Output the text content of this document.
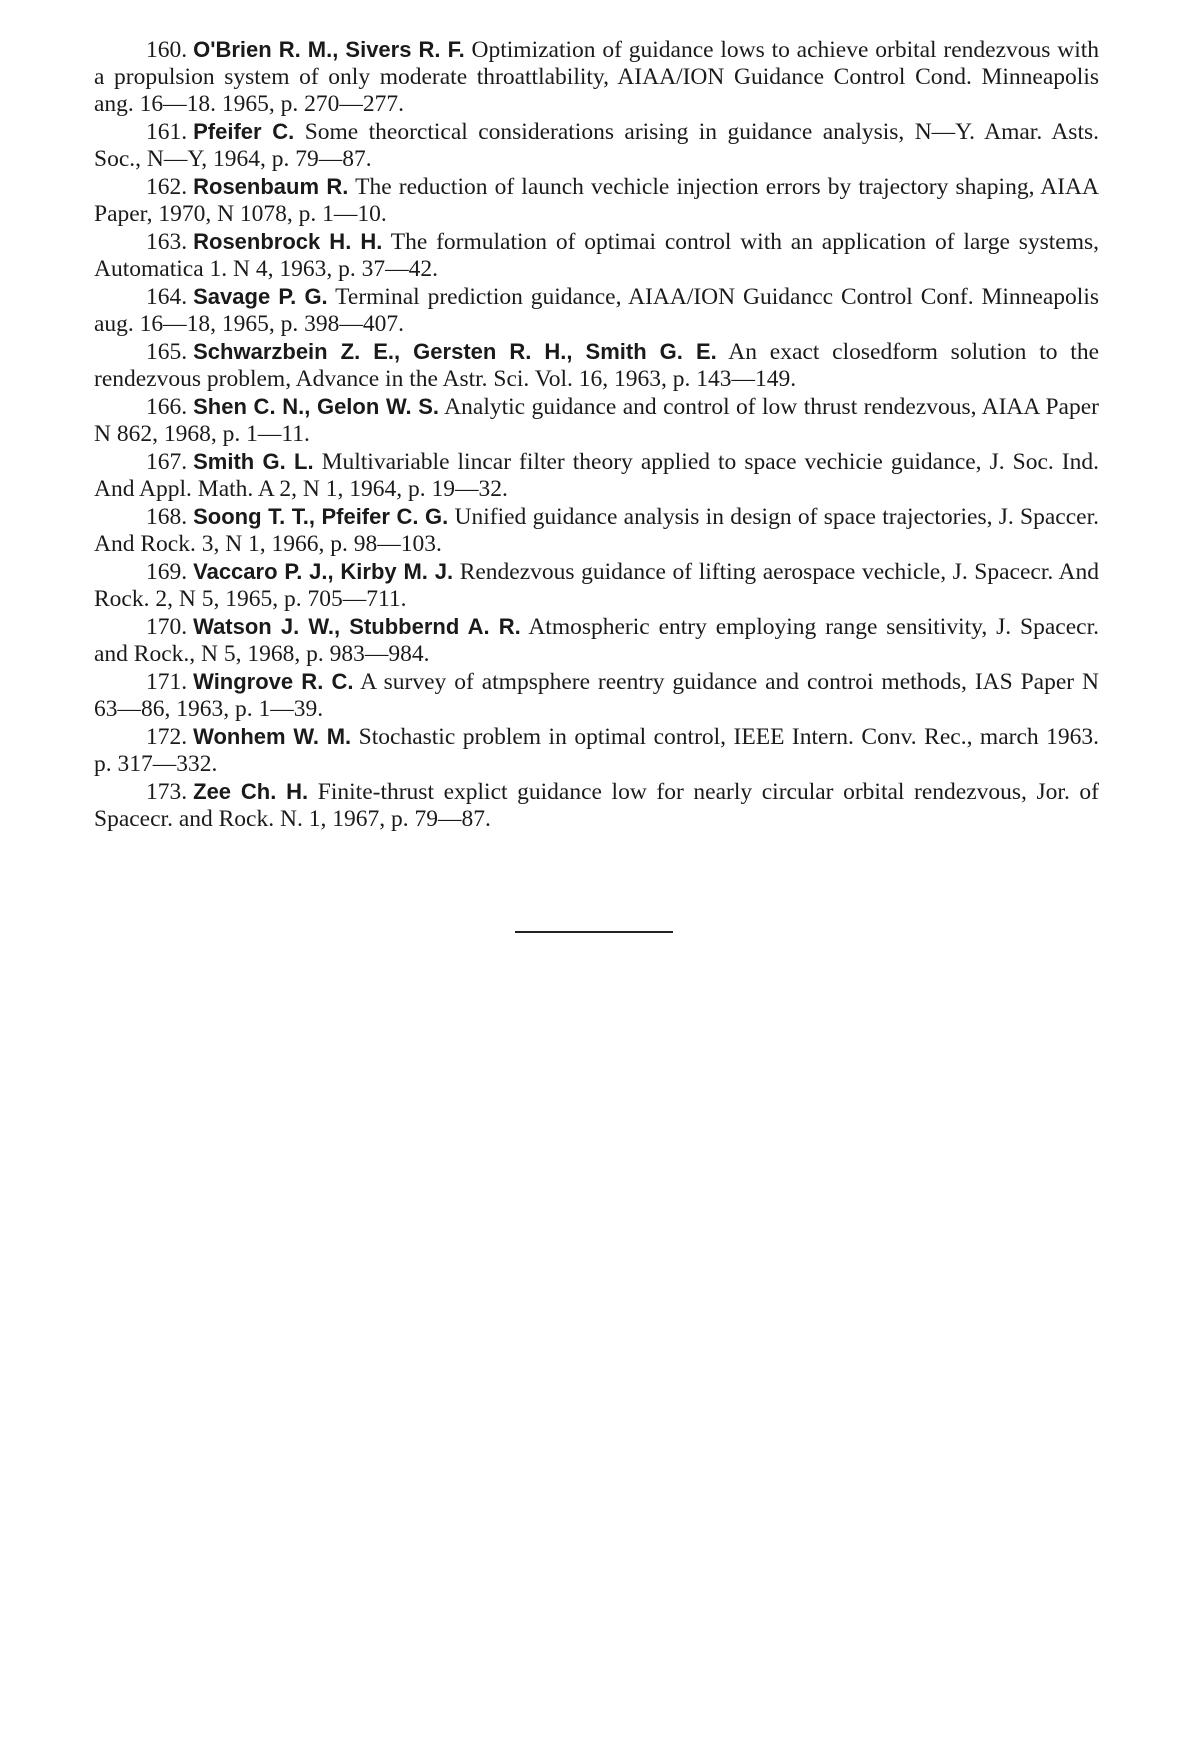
160. O'Brien R. M., Sivers R. F. Optimization of guidance lows to achieve orbital rendezvous with a propulsion system of only moderate throattlability, AIAA/ION Guidance Control Cond. Minneapolis ang. 16—18. 1965, p. 270—277.
161. Pfeifer C. Some theorctical considerations arising in guidance analysis, N—Y. Amar. Asts. Soc., N—Y, 1964, p. 79—87.
162. Rosenbaum R. The reduction of launch vechicle injection errors by trajectory shaping, AIAA Paper, 1970, N 1078, p. 1—10.
163. Rosenbrock H. H. The formulation of optimai control with an application of large systems, Automatica 1. N 4, 1963, p. 37—42.
164. Savage P. G. Terminal prediction guidance, AIAA/ION Guidancc Control Conf. Minneapolis aug. 16—18, 1965, p. 398—407.
165. Schwarzbein Z. E., Gersten R. H., Smith G. E. An exact closedform solution to the rendezvous problem, Advance in the Astr. Sci. Vol. 16, 1963, p. 143—149.
166. Shen C. N., Gelon W. S. Analytic guidance and control of low thrust rendezvous, AIAA Paper N 862, 1968, p. 1—11.
167. Smith G. L. Multivariable lincar filter theory applied to space vechicie guidance, J. Soc. Ind. And Appl. Math. A 2, N 1, 1964, p. 19—32.
168. Soong T. T., Pfeifer C. G. Unified guidance analysis in design of space trajectories, J. Spaccer. And Rock. 3, N 1, 1966, p. 98—103.
169. Vaccaro P. J., Kirby M. J. Rendezvous guidance of lifting aerospace vechicle, J. Spacecr. And Rock. 2, N 5, 1965, p. 705—711.
170. Watson J. W., Stubbernd A. R. Atmospheric entry employing range sensitivity, J. Spacecr. and Rock., N 5, 1968, p. 983—984.
171. Wingrove R. C. A survey of atmpsphere reentry guidance and controi methods, IAS Paper N 63—86, 1963, p. 1—39.
172. Wonhem W. M. Stochastic problem in optimal control, IEEE Intern. Conv. Rec., march 1963. p. 317—332.
173. Zee Ch. H. Finite-thrust explict guidance low for nearly circular orbital rendezvous, Jor. of Spacecr. and Rock. N. 1, 1967, p. 79—87.
